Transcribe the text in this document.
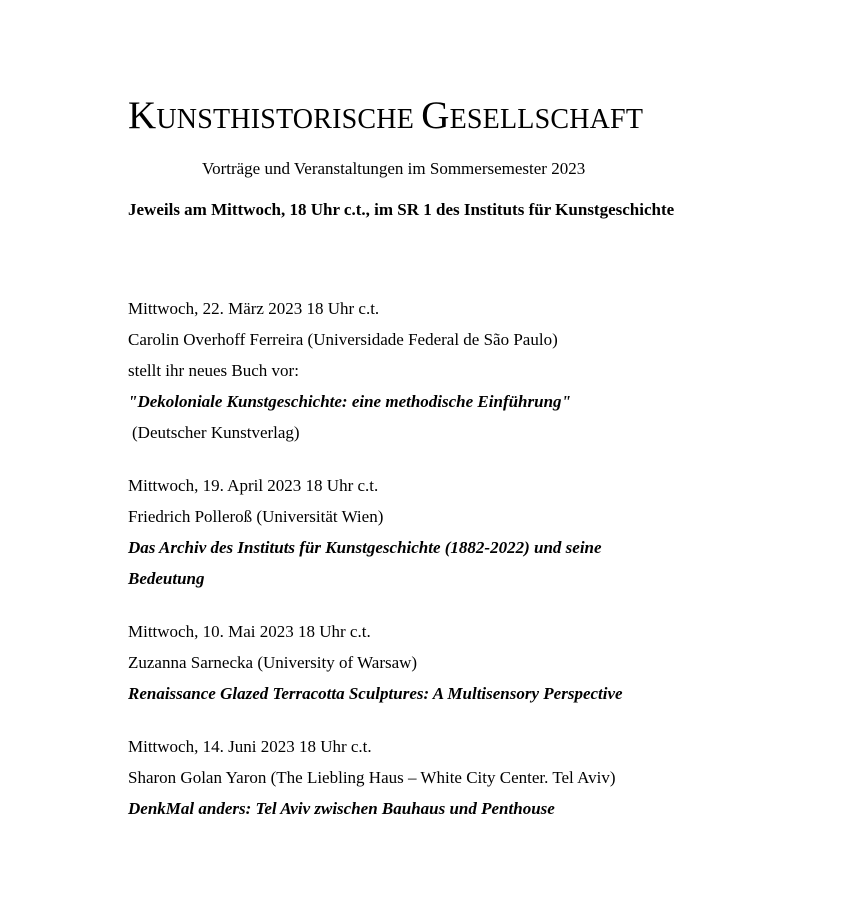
KUNSTHISTORISCHE GESELLSCHAFT
Vorträge und Veranstaltungen im Sommersemester 2023
Jeweils am Mittwoch, 18 Uhr c.t., im SR 1 des Instituts für Kunstgeschichte
Mittwoch, 22. März 2023 18 Uhr c.t.
Carolin Overhoff Ferreira (Universidade Federal de São Paulo)
stellt ihr neues Buch vor:
"Dekoloniale Kunstgeschichte: eine methodische Einführung"
(Deutscher Kunstverlag)
Mittwoch, 19. April 2023 18 Uhr c.t.
Friedrich Polleroß (Universität Wien)
Das Archiv des Instituts für Kunstgeschichte (1882-2022) und seine Bedeutung
Mittwoch, 10. Mai 2023 18 Uhr c.t.
Zuzanna Sarnecka (University of Warsaw)
Renaissance Glazed Terracotta Sculptures: A Multisensory Perspective
Mittwoch, 14. Juni 2023 18 Uhr c.t.
Sharon Golan Yaron (The Liebling Haus – White City Center. Tel Aviv)
DenkMal anders: Tel Aviv zwischen Bauhaus und Penthouse
